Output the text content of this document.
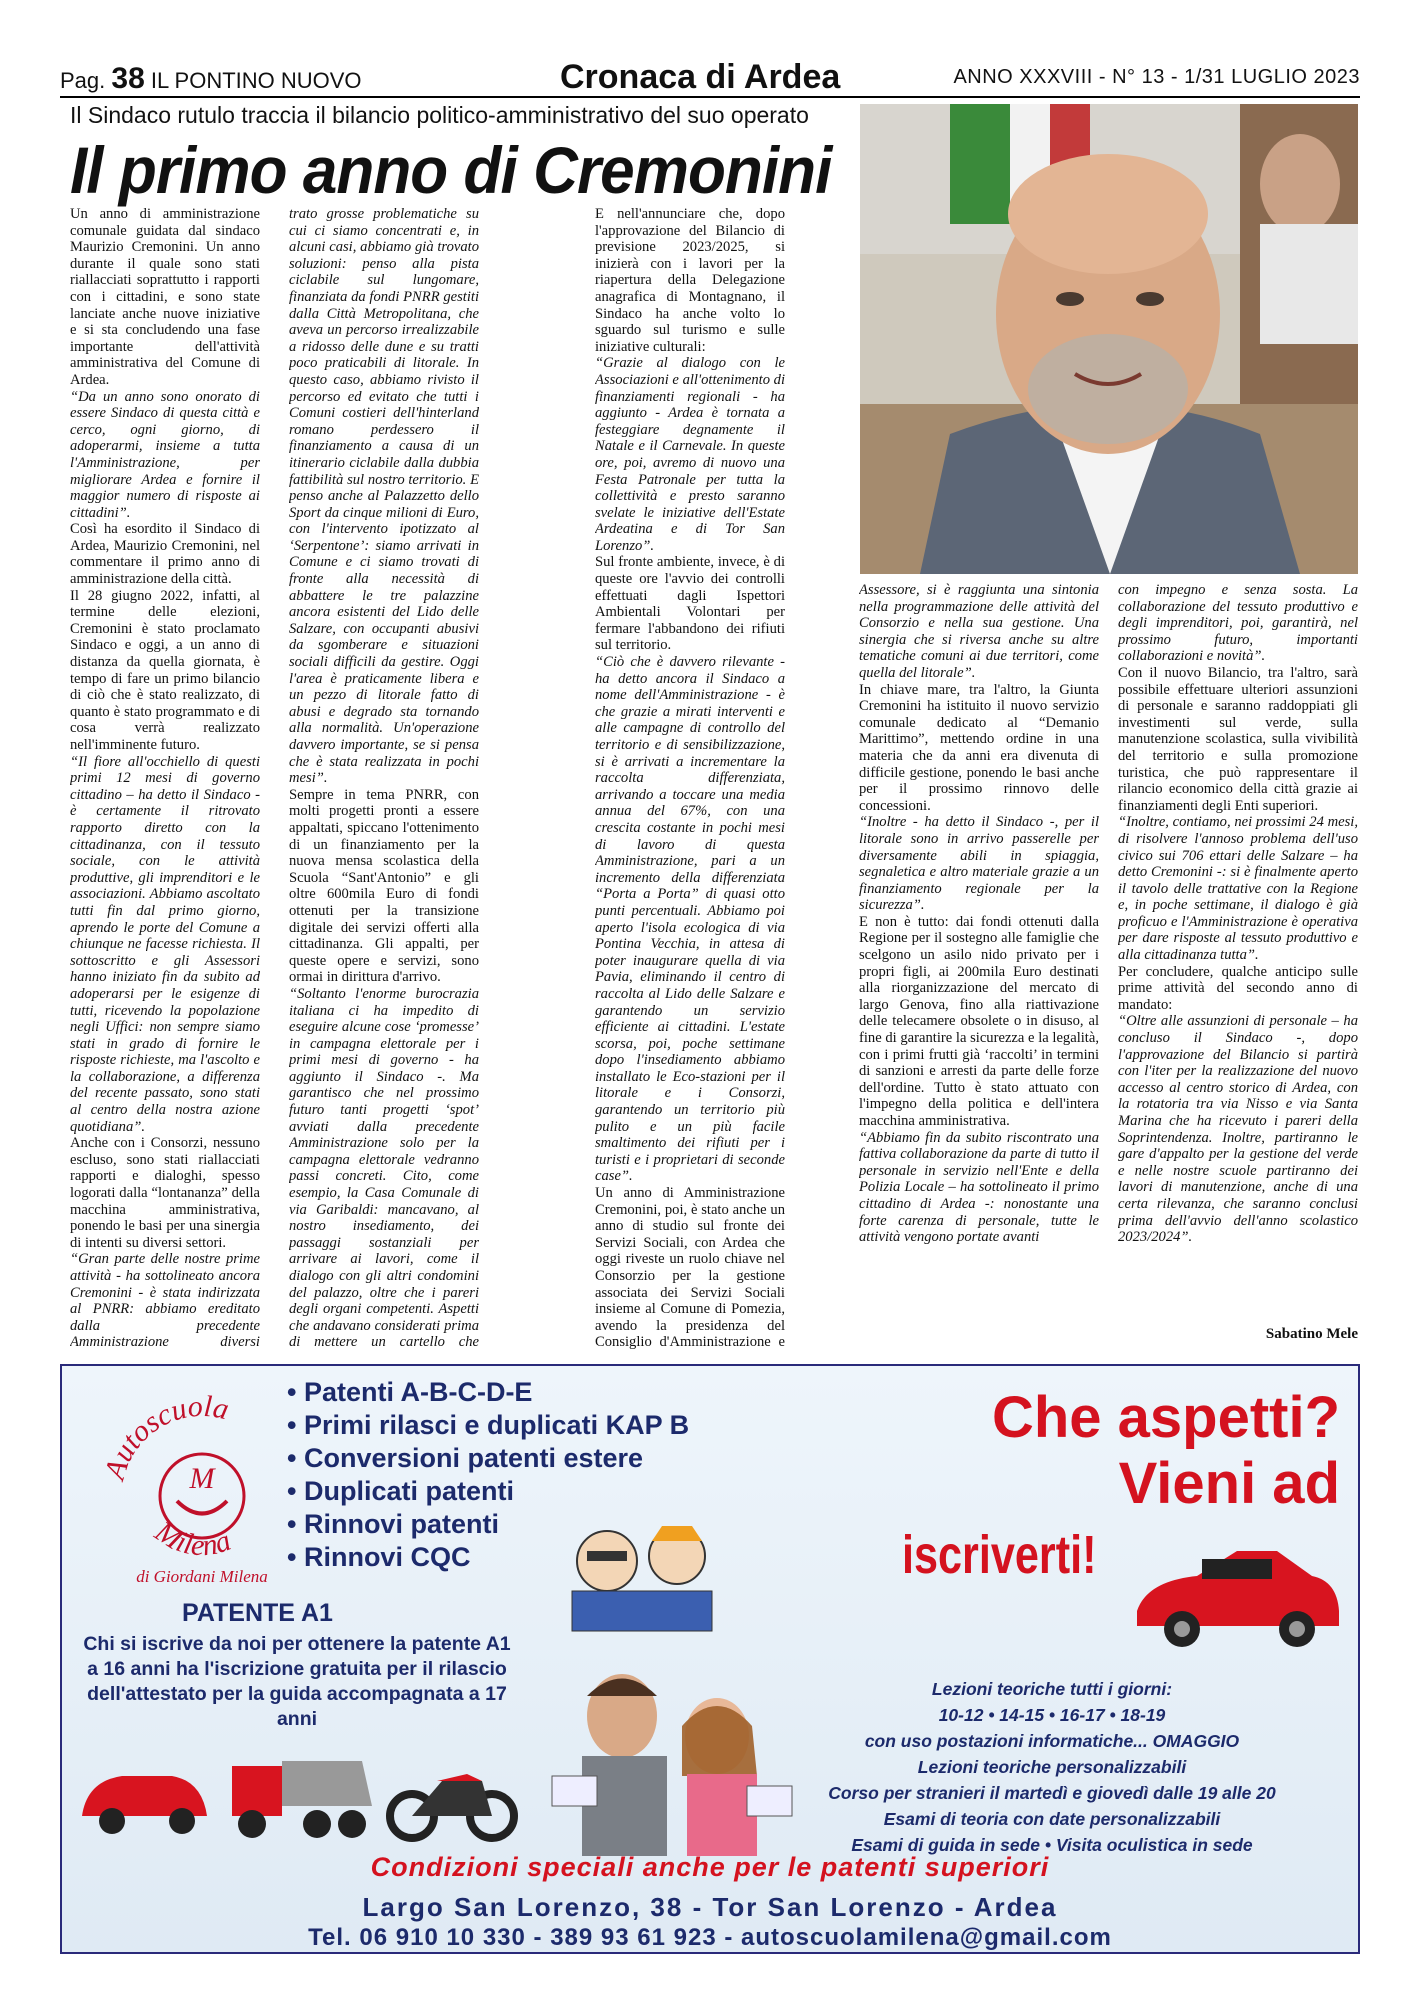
Pag. 38 IL PONTINO NUOVO	Cronaca di Ardea	ANNO XXXVIII - N° 13 - 1/31 LUGLIO 2023
Il Sindaco rutulo traccia il bilancio politico-amministrativo del suo operato
Il primo anno di Cremonini

Un anno di amministrazione comunale guidata dal sindaco Maurizio Cremonini. Un anno durante il quale sono stati riallacciati soprattutto i rapporti con i cittadini, e sono state lanciate anche nuove iniziative e si sta concludendo una fase importante dell'attività amministrativa del Comune di Ardea.

“Da un anno sono onorato di essere Sindaco di questa città e cerco, ogni giorno, di adoperarmi, insieme a tutta l'Amministrazione, per migliorare Ardea e fornire il maggior numero di risposte ai cittadini”.

Così ha esordito il Sindaco di Ardea, Maurizio Cremonini, nel commentare il primo anno di amministrazione della città.

Il 28 giugno 2022, infatti, al termine delle elezioni, Cremonini è stato proclamato Sindaco e oggi, a un anno di distanza da quella giornata, è tempo di fare un primo bilancio di ciò che è stato realizzato, di quanto è stato programmato e di cosa verrà realizzato nell'imminente futuro.

“Il fiore all'occhiello di questi primi 12 mesi di governo cittadino – ha detto il Sindaco - è certamente il ritrovato rapporto diretto con la cittadinanza, con il tessuto sociale, con le attività produttive, gli imprenditori e le associazioni. Abbiamo ascoltato tutti fin dal primo giorno, aprendo le porte del Comune a chiunque ne facesse richiesta. Il sottoscritto e gli Assessori hanno iniziato fin da subito ad adoperarsi per le esigenze di tutti, ricevendo la popolazione negli Uffici: non sempre siamo stati in grado di fornire le risposte richieste, ma l'ascolto e la collaborazione, a differenza del recente passato, sono stati al centro della nostra azione quotidiana”.

Anche con i Consorzi, nessuno escluso, sono stati riallacciati rapporti e dialoghi, spesso logorati dalla “lontananza” della macchina amministrativa, ponendo le basi per una sinergia di intenti su diversi settori.

“Gran parte delle nostre prime attività - ha sottolineato ancora Cremonini - è stata indirizzata al PNRR: abbiamo ereditato dalla precedente Amministrazione diversi

trato grosse problematiche su cui ci siamo concentrati e, in alcuni casi, abbiamo già trovato soluzioni: penso alla pista ciclabile sul lungomare, finanziata da fondi PNRR gestiti dalla Città Metropolitana, che aveva un percorso irrealizzabile a ridosso delle dune e su tratti poco praticabili di litorale. In questo caso, abbiamo rivisto il percorso ed evitato che tutti i Comuni costieri dell'hinterland romano perdessero il finanziamento a causa di un itinerario ciclabile dalla dubbia fattibilità sul nostro territorio. E penso anche al Palazzetto dello Sport da cinque milioni di Euro, con l'intervento ipotizzato al ‘Serpentone’: siamo arrivati in Comune e ci siamo trovati di fronte alla necessità di abbattere le tre palazzine ancora esistenti del Lido delle Salzare, con occupanti abusivi da sgomberare e situazioni sociali difficili da gestire. Oggi l'area è praticamente libera e un pezzo di litorale fatto di abusi e degrado sta tornando alla normalità. Un'operazione davvero importante, se si pensa che è stata realizzata in pochi mesi”.

Sempre in tema PNRR, con molti progetti pronti a essere appaltati, spiccano l'ottenimento di un finanziamento per la nuova mensa scolastica della Scuola “Sant'Antonio” e gli oltre 600mila Euro di fondi ottenuti per la transizione digitale dei servizi offerti alla cittadinanza. Gli appalti, per queste opere e servizi, sono ormai in dirittura d'arrivo.

“Soltanto l'enorme burocrazia italiana ci ha impedito di eseguire alcune cose ‘promesse’ in campagna elettorale per i primi mesi di governo - ha aggiunto il Sindaco -. Ma garantisco che nel prossimo futuro tanti progetti ‘spot’ avviati dalla precedente Amministrazione solo per la campagna elettorale vedranno passi concreti. Cito, come esempio, la Casa Comunale di via Garibaldi: mancavano, al nostro insediamento, dei passaggi sostanziali per arrivare ai lavori, come il dialogo con gli altri condomini del palazzo, oltre che i pareri degli organi competenti. Aspetti che andavano considerati prima di mettere un cartello che

E nell'annunciare che, dopo l'approvazione del Bilancio di previsione 2023/2025, si inizierà con i lavori per la riapertura della Delegazione anagrafica di Montagnano, il Sindaco ha anche volto lo sguardo sul turismo e sulle iniziative culturali:

“Grazie al dialogo con le Associazioni e all'ottenimento di finanziamenti regionali - ha aggiunto - Ardea è tornata a festeggiare degnamente il Natale e il Carnevale. In queste ore, poi, avremo di nuovo una Festa Patronale per tutta la collettività e presto saranno svelate le iniziative dell'Estate Ardeatina e di Tor San Lorenzo”.

Sul fronte ambiente, invece, è di queste ore l'avvio dei controlli effettuati dagli Ispettori Ambientali Volontari per fermare l'abbandono dei rifiuti sul territorio.

“Ciò che è davvero rilevante - ha detto ancora il Sindaco a nome dell'Amministrazione - è che grazie a mirati interventi e alle campagne di controllo del territorio e di sensibilizzazione, si è arrivati a incrementare la raccolta differenziata, arrivando a toccare una media annua del 67%, con una crescita costante in pochi mesi di lavoro di questa Amministrazione, pari a un incremento della differenziata “Porta a Porta” di quasi otto punti percentuali. Abbiamo poi aperto l'isola ecologica di via Pontina Vecchia, in attesa di poter inaugurare quella di via Pavia, eliminando il centro di raccolta al Lido delle Salzare e garantendo un servizio efficiente ai cittadini. L'estate scorsa, poi, poche settimane dopo l'insediamento abbiamo installato le Eco-stazioni per il litorale e i Consorzi, garantendo un territorio più pulito e un più facile smaltimento dei rifiuti per i turisti e i proprietari di seconde case”.

Un anno di Amministrazione Cremonini, poi, è stato anche un anno di studio sul fronte dei Servizi Sociali, con Ardea che oggi riveste un ruolo chiave nel Consorzio per la gestione associata dei Servizi Sociali insieme al Comune di Pomezia, avendo la presidenza del Consiglio d'Amministrazione e

Assessore, si è raggiunta una sintonia nella programmazione delle attività del Consorzio e nella sua gestione. Una sinergia che si riversa anche su altre tematiche comuni ai due territori, come quella del litorale”.

In chiave mare, tra l'altro, la Giunta Cremonini ha istituito il nuovo servizio comunale dedicato al “Demanio Marittimo”, mettendo ordine in una materia che da anni era divenuta di difficile gestione, ponendo le basi anche per il prossimo rinnovo delle concessioni.

“Inoltre - ha detto il Sindaco -, per il litorale sono in arrivo passerelle per diversamente abili in spiaggia, segnaletica e altro materiale grazie a un finanziamento regionale per la sicurezza”.

E non è tutto: dai fondi ottenuti dalla Regione per il sostegno alle famiglie che scelgono un asilo nido privato per i propri figli, ai 200mila Euro destinati alla riorganizzazione del mercato di largo Genova, fino alla riattivazione delle telecamere obsolete o in disuso, al fine di garantire la sicurezza e la legalità, con i primi frutti già ‘raccolti’ in termini di sanzioni e arresti da parte delle forze dell'ordine. Tutto è stato attuato con l'impegno della politica e dell'intera macchina amministrativa.

“Abbiamo fin da subito riscontrato una fattiva collaborazione da parte di tutto il personale in servizio nell'Ente e della Polizia Locale – ha sottolineato il primo cittadino di Ardea -: nonostante una forte carenza di personale, tutte le attività vengono portate avanti

con impegno e senza sosta. La collaborazione del tessuto produttivo e degli imprenditori, poi, garantirà, nel prossimo futuro, importanti collaborazioni e novità”.

Con il nuovo Bilancio, tra l'altro, sarà possibile effettuare ulteriori assunzioni di personale e saranno raddoppiati gli investimenti sul verde, sulla manutenzione scolastica, sulla vivibilità del territorio e sulla promozione turistica, che può rappresentare il rilancio economico della città grazie ai finanziamenti degli Enti superiori.

“Inoltre, contiamo, nei prossimi 24 mesi, di risolvere l'annoso problema dell'uso civico sui 706 ettari delle Salzare – ha detto Cremonini -: si è finalmente aperto il tavolo delle trattative con la Regione e, in poche settimane, il dialogo è già proficuo e l'Amministrazione è operativa per dare risposte al tessuto produttivo e alla cittadinanza tutta”.

Per concludere, qualche anticipo sulle prime attività del secondo anno di mandato:

“Oltre alle assunzioni di personale – ha concluso il Sindaco -, dopo l'approvazione del Bilancio si partirà con l'iter per la realizzazione del nuovo accesso al centro storico di Ardea, con la rotatoria tra via Nisso e via Santa Marina che ha ricevuto i pareri della Soprintendenza. Inoltre, partiranno le gare d'appalto per la gestione del verde e nelle nostre scuole partiranno dei lavori di manutenzione, anche di una certa rilevanza, che saranno conclusi prima dell'avvio dell'anno scolastico 2023/2024”.

Sabatino Mele
Autoscuola
Milena
M
di Giordani Milena
• Patenti A-B-C-D-E
• Primi rilasci e duplicati KAP B
• Conversioni patenti estere
• Duplicati patenti
• Rinnovi patenti
• Rinnovi CQC
Che aspetti?
Vieni ad
iscriverti!
PATENTE A1
Chi si iscrive da noi per ottenere la patente A1 a 16 anni ha l'iscrizione gratuita per il rilascio dell'attestato per la guida accompagnata a 17 anni
Lezioni teoriche tutti i giorni:
10-12 • 14-15 • 16-17 • 18-19
con uso postazioni informatiche... OMAGGIO
Lezioni teoriche personalizzabili
Corso per stranieri il martedì e giovedì dalle 19 alle 20
Esami di teoria con date personalizzabili
Esami di guida in sede • Visita oculistica in sede
Condizioni speciali anche per le patenti superiori
Largo San Lorenzo, 38 - Tor San Lorenzo - Ardea
Tel. 06 910 10 330 - 389 93 61 923 - autoscuolamilena@gmail.com
